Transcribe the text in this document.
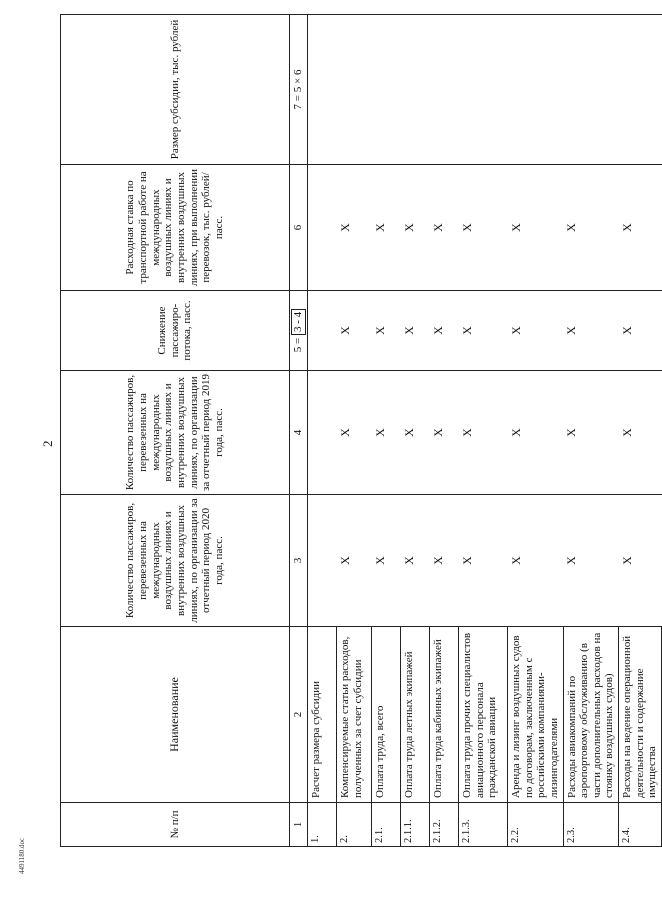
2
№ п/п	Наименование	Количество пассажиров, перевезенных на международных воздушных линиях и внутренних воздушных линиях, по организации за отчетный период 2020 года, пасс.	Количество пассажиров, перевезенных на международных воздушных линиях и внутренних воздушных линиях, по организации за отчетный период 2019 года, пасс.	Снижение пассажиро-потока, пасс.	Расходная ставка по транспортной работе на международных воздушных линиях и внутренних воздушных линиях, при выполнении перевозок, тыс. рублей/пасс.	Размер субсидии, тыс. рублей
1	2	3	4	5 = 3 - 4	6	7 = 5 × 6
1.	Расчет размера субсидии					
2.	Компенсируемые статьи расходов, полученных за счет субсидии	X	X	X	X	
2.1.	Оплата труда, всего	X	X	X	X	
2.1.1.	Оплата труда летных экипажей	X	X	X	X	
2.1.2.	Оплата труда кабинных экипажей	X	X	X	X	
2.1.3.	Оплата труда прочих специалистов авиационного персонала гражданской авиации	X	X	X	X	
2.2.	Аренда и лизинг воздушных судов по договорам, заключенным с российскими компаниями-лизингодателями	X	X	X	X	
2.3.	Расходы авиакомпаний по аэропортовому обслуживанию (в части дополнительных расходов на стоянку воздушных судов)	X	X	X	X	
2.4.	Расходы на ведение операционной деятельности и содержание имущества	X	X	X	X	
4491180.doc
